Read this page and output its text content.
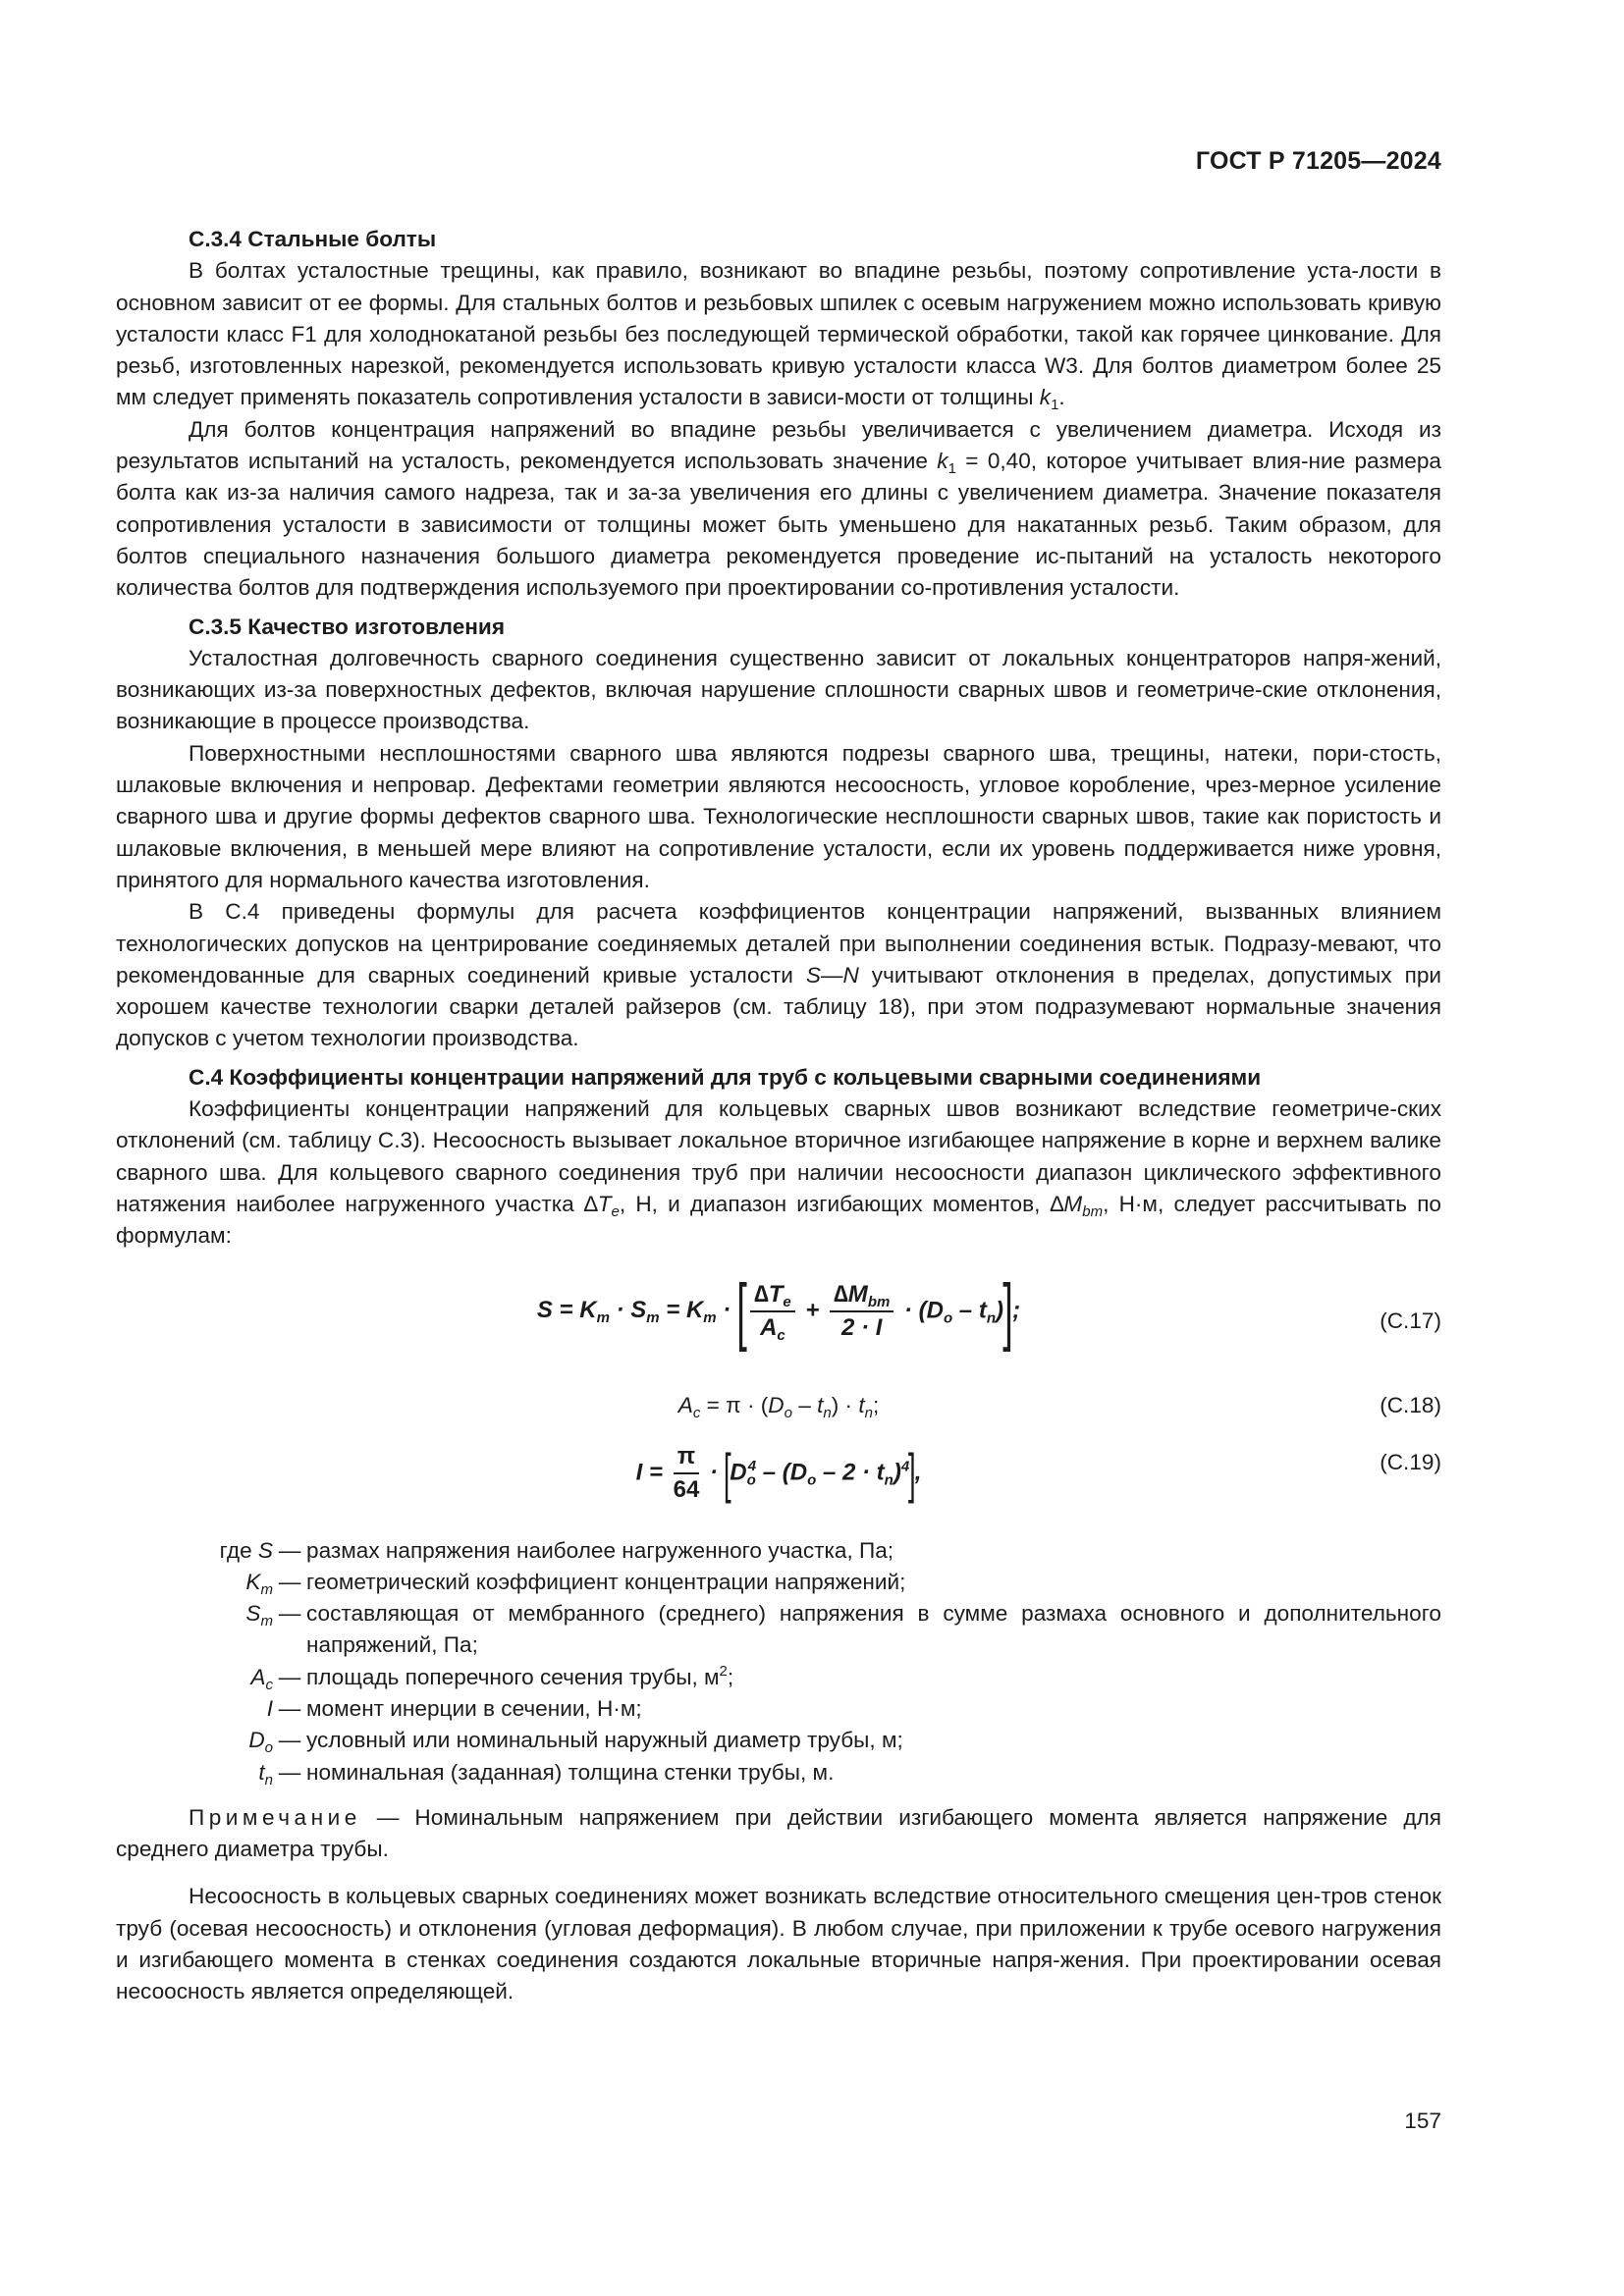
ГОСТ Р 71205—2024
С.3.4 Стальные болты

В болтах усталостные трещины, как правило, возникают во впадине резьбы, поэтому сопротивление уста-лости в основном зависит от ее формы. Для стальных болтов и резьбовых шпилек с осевым нагружением можно использовать кривую усталости класс F1 для холоднокатаной резьбы без последующей термической обработки, такой как горячее цинкование. Для резьб, изготовленных нарезкой, рекомендуется использовать кривую усталости класса W3. Для болтов диаметром более 25 мм следует применять показатель сопротивления усталости в зависи-мости от толщины $k_1$.

Для болтов концентрация напряжений во впадине резьбы увеличивается с увеличением диаметра. Исходя из результатов испытаний на усталость, рекомендуется использовать значение $k_1 = 0,40$, которое учитывает влия-ние размера болта как из-за наличия самого надреза, так и за-за увеличения его длины с увеличением диаметра. Значение показателя сопротивления усталости в зависимости от толщины может быть уменьшено для накатанных резьб. Таким образом, для болтов специального назначения большого диаметра рекомендуется проведение ис-пытаний на усталость некоторого количества болтов для подтверждения используемого при проектировании со-противления усталости.

С.3.5 Качество изготовления

Усталостная долговечность сварного соединения существенно зависит от локальных концентраторов напря-жений, возникающих из-за поверхностных дефектов, включая нарушение сплошности сварных швов и геометриче-ские отклонения, возникающие в процессе производства.

Поверхностными несплошностями сварного шва являются подрезы сварного шва, трещины, натеки, пори-стость, шлаковые включения и непровар. Дефектами геометрии являются несоосность, угловое коробление, чрез-мерное усиление сварного шва и другие формы дефектов сварного шва. Технологические несплошности сварных швов, такие как пористость и шлаковые включения, в меньшей мере влияют на сопротивление усталости, если их уровень поддерживается ниже уровня, принятого для нормального качества изготовления.

В С.4 приведены формулы для расчета коэффициентов концентрации напряжений, вызванных влиянием технологических допусков на центрирование соединяемых деталей при выполнении соединения встык. Подразу-мевают, что рекомендованные для сварных соединений кривые усталости S—N учитывают отклонения в пределах, допустимых при хорошем качестве технологии сварки деталей райзеров (см. таблицу 18), при этом подразумевают нормальные значения допусков с учетом технологии производства.

С.4 Коэффициенты концентрации напряжений для труб с кольцевыми сварными соединениями

Коэффициенты концентрации напряжений для кольцевых сварных швов возникают вследствие геометриче-ских отклонений (см. таблицу С.3). Несоосность вызывает локальное вторичное изгибающее напряжение в корне и верхнем валике сварного шва. Для кольцевого сварного соединения труб при наличии несоосности диапазон циклического эффективного натяжения наиболее нагруженного участка $\Delta T_e$, Н, и диапазон изгибающих моментов, $\Delta M_{bm}$, Н·м, следует рассчитывать по формулам:

$S = K_m \cdot S_m = K_m$ · [ $\frac{\Delta T_e}{A_c} + \frac{\Delta M_{bm}}{2 \cdot I} \cdot (D_o - t_n)$];	(С.17)
$A_c = \pi \cdot (D_o - t_n) \cdot t_n$;	(С.18)
$I = \frac{\pi}{64} \cdot [D_o^4 - (D_o - 2 \cdot t_n)^4]$,	(С.19)
где S — размах напряжения наиболее нагруженного участка, Па;
$K_m$ — геометрический коэффициент концентрации напряжений;
$S_m$ — составляющая от мембранного (среднего) напряжения в сумме размаха основного и дополнительного напряжений, Па;
$A_c$ — площадь поперечного сечения трубы, $м^2$;
I — момент инерции в сечении, Н·м;
$D_o$ — условный или номинальный наружный диаметр трубы, м;
$t_n$ — номинальная (заданная) толщина стенки трубы, м.

Примечание — Номинальным напряжением при действии изгибающего момента является напряжение для среднего диаметра трубы.

Несоосность в кольцевых сварных соединениях может возникать вследствие относительного смещения цен-тров стенок труб (осевая несоосность) и отклонения (угловая деформация). В любом случае, при приложении к трубе осевого нагружения и изгибающего момента в стенках соединения создаются локальные вторичные напря-жения. При проектировании осевая несоосность является определяющей.

157
